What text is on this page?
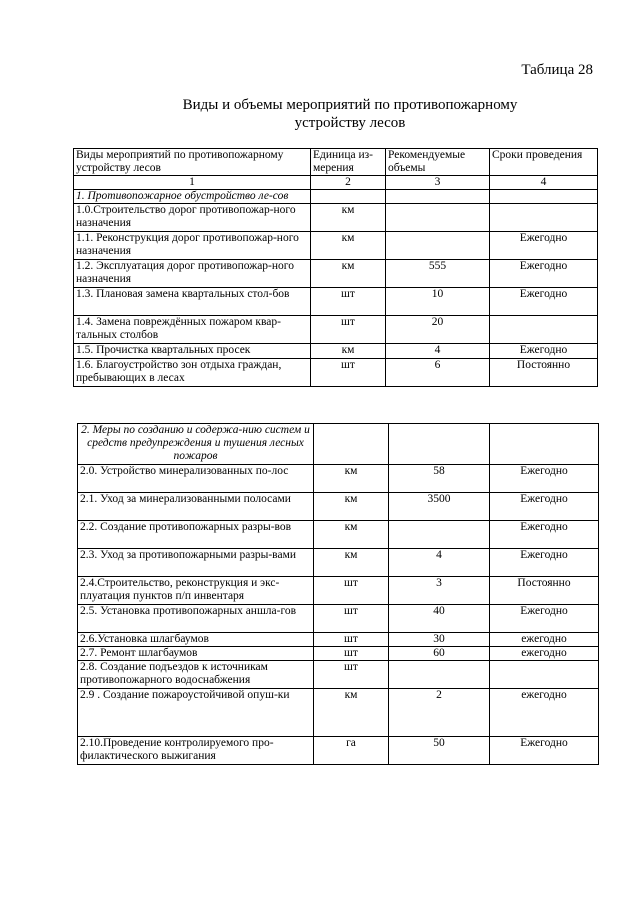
Таблица 28
Виды и объемы мероприятий по противопожарному
устройству лесов
Виды мероприятий по противопожарному устройству лесов	Единица из-мерения	Рекомендуемые объемы	Сроки проведения
1	2	3	4
1. Противопожарное обустройство ле-сов			
1.0.Строительство дорог противопожар-ного назначения	км		
1.1. Реконструкция дорог противопожар-ного назначения	км		Ежегодно
1.2. Эксплуатация дорог противопожар-ного назначения	км	555	Ежегодно
1.3. Плановая замена квартальных стол-бов	шт	10	Ежегодно
1.4. Замена повреждённых пожаром квар-тальных столбов	шт	20	
1.5. Прочистка квартальных просек	км	4	Ежегодно
1.6. Благоустройство зон отдыха граждан, пребывающих в лесах	шт	6	Постоянно
2. Меры по созданию и содержа-нию систем и средств предупреждения и тушения лесных пожаров			
2.0. Устройство минерализованных по-лос	км	58	Ежегодно
2.1. Уход за минерализованными полосами	км	3500	Ежегодно
2.2. Создание противопожарных разры-вов	км		Ежегодно
2.3. Уход за противопожарными разры-вами	км	4	Ежегодно
2.4.Строительство, реконструкция и экс-плуатация пунктов п/п инвентаря	шт	3	Постоянно
2.5. Установка противопожарных аншла-гов	шт	40	Ежегодно
2.6.Установка шлагбаумов	шт	30	ежегодно
2.7. Ремонт шлагбаумов	шт	60	ежегодно
2.8. Создание подъездов к источникам противопожарного водоснабжения	шт		
2.9 . Создание пожароустойчивой опуш-ки	км	2	ежегодно
2.10.Проведение контролируемого про-филактического выжигания	га	50	Ежегодно
